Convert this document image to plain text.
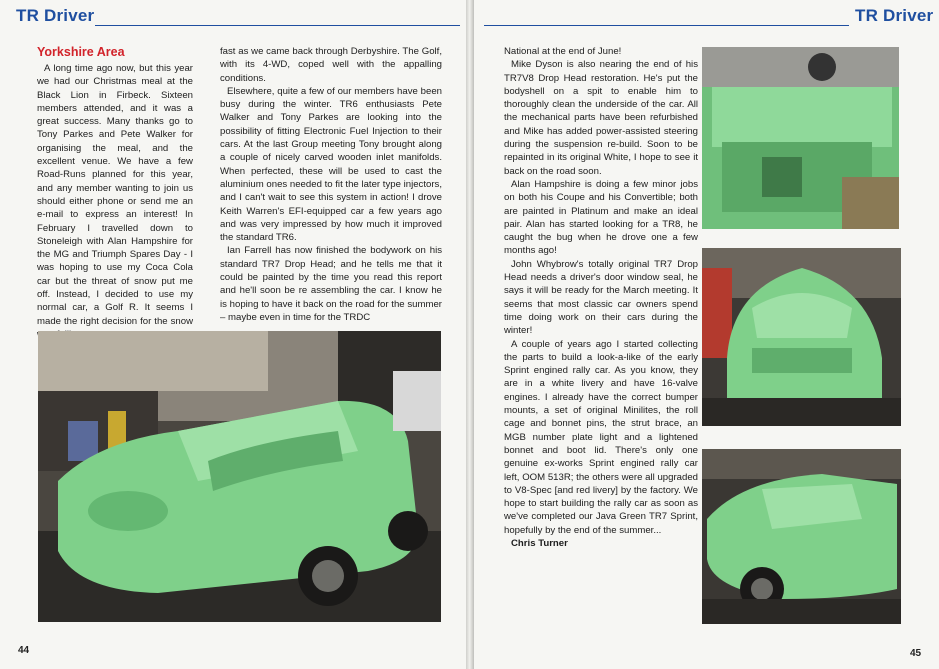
TR Driver
Yorkshire Area

A long time ago now, but this year we had our Christmas meal at the Black Lion in Firbeck. Sixteen members attended, and it was a great success. Many thanks go to Tony Parkes and Pete Walker for organising the meal, and the excellent venue. We have a few Road-Runs planned for this year, and any member wanting to join us should either phone or send me an e-mail to express an interest! In February I travelled down to Stoneleigh with Alan Hampshire for the MG and Triumph Spares Day - I was hoping to use my Coca Cola car but the threat of snow put me off. Instead, I decided to use my normal car, a Golf R. It seems I made the right decision for the snow

fast as we came back through Derbyshire. The Golf, with its 4-WD, coped well with the appalling conditions.

Elsewhere, quite a few of our members have been busy during the winter. TR6 enthusiasts Pete Walker and Tony Parkes are looking into the possibility of fitting Electronic Fuel Injection to their cars. At the last Group meeting Tony brought along a couple of nicely carved wooden inlet manifolds. When perfected, these will be used to cast the aluminium ones needed to fit the later type injectors, and I can't wait to see this system in action! I drove Keith Warren's EFI-equipped car a few years ago and was very impressed by how much it improved the standard TR6.

Ian Farrell has now finished the bodywork on his standard TR7 Drop Head; and he tells me that it could be painted by the time you read this report and he'll soon be re assembling the car. I know he is hoping to have it back on the road for the summer – maybe even in time for the TRDC

44
TR Driver

National at the end of June!

Mike Dyson is also nearing the end of his TR7V8 Drop Head restoration. He's put the bodyshell on a spit to enable him to thoroughly clean the underside of the car. All the mechanical parts have been refurbished and Mike has added power-assisted steering during the suspension re-build. Soon to be repainted in its original White, I hope to see it back on the road soon.

Alan Hampshire is doing a few minor jobs on both his Coupe and his Convertible; both are painted in Platinum and make an ideal pair. Alan has started looking for a TR8, he caught the bug when he drove one a few months ago!

John Whybrow's totally original TR7 Drop Head needs a driver's door window seal, he says it will be ready for the March meeting. It seems that most classic car owners spend time doing work on their cars during the winter!

A couple of years ago I started collecting the parts to build a look-a-like of the early Sprint engined rally car. As you know, they are in a white livery and have 16-valve engines. I already have the correct bumper mounts, a set of original Minilites, the roll cage and bonnet pins, the strut brace, an MGB number plate light and a lightened bonnet and boot lid. There's only one genuine ex-works Sprint engined rally car left, OOM 513R; the others were all upgraded to V8-Spec [and red livery] by the factory. We hope to start building the rally car as soon as we've completed our Java Green TR7 Sprint, hopefully by the end of the summer...

Chris Turner

45
